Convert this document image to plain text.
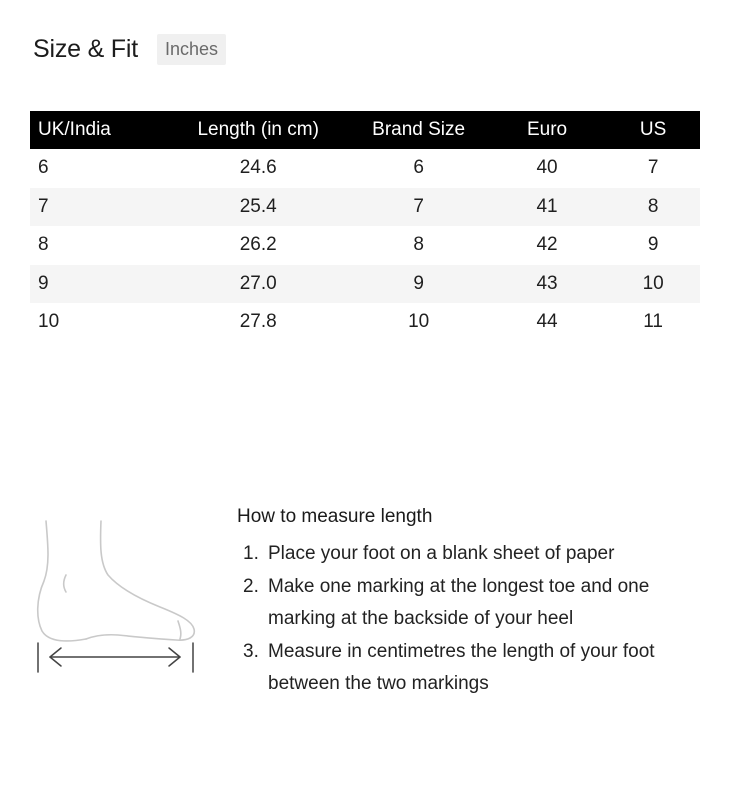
Size & Fit	Inches
UK/India	Length (in cm)	Brand Size	Euro	US
6	24.6	6	40	7
7	25.4	7	41	8
8	26.2	8	42	9
9	27.0	9	43	10
10	27.8	10	44	11
How to measure length
1. Place your foot on a blank sheet of paper
2. Make one marking at the longest toe and one marking at the backside of your heel
3. Measure in centimetres the length of your foot between the two markings
